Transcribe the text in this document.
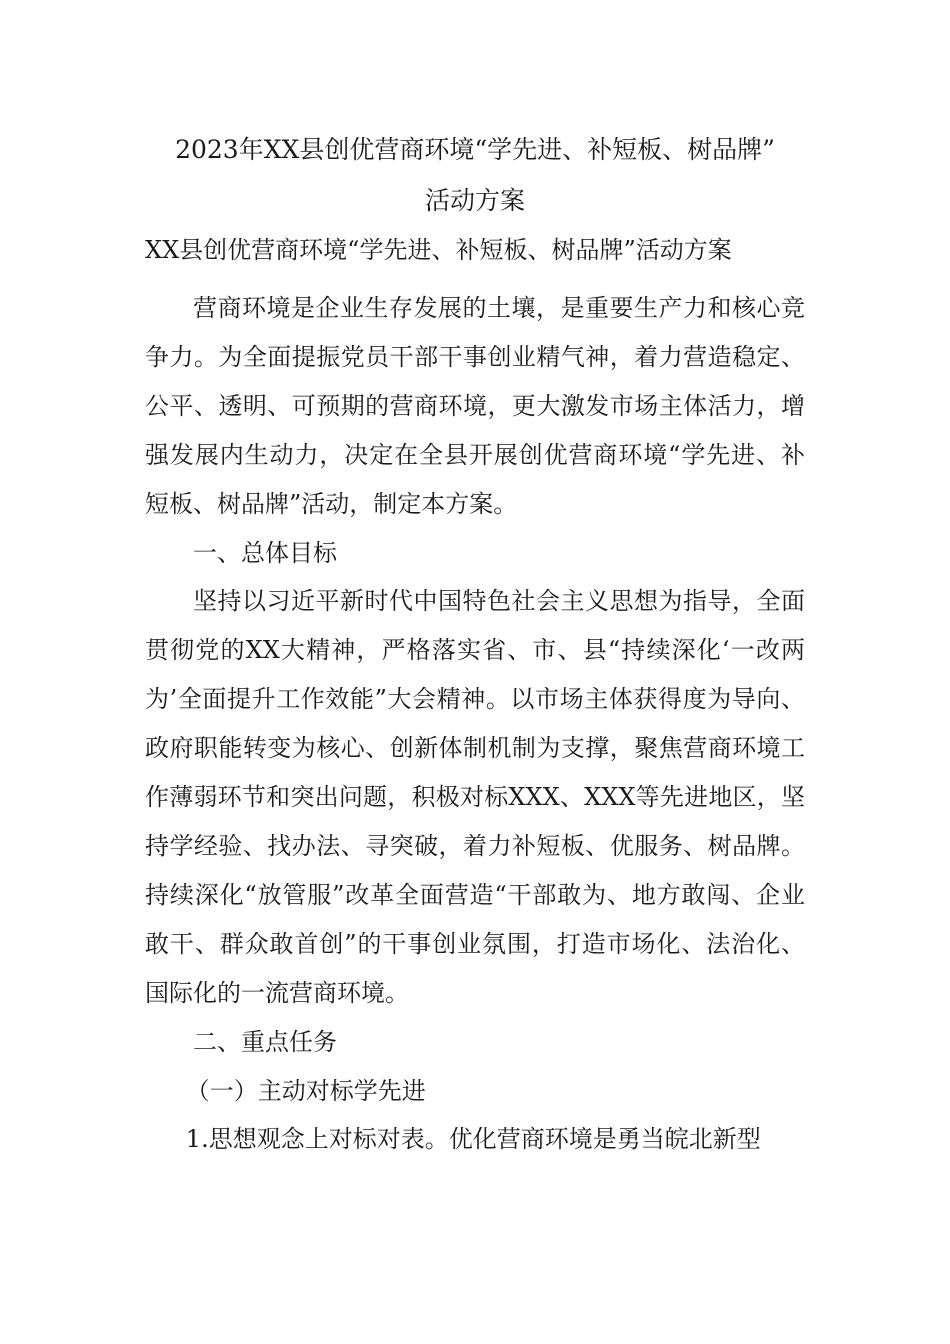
2023年XX县创优营商环境“学先进、补短板、树品牌”
活动方案
XX县创优营商环境“学先进、补短板、树品牌”活动方案

营商环境是企业生存发展的土壤，是重要生产力和核心竞争力。为全面提振党员干部干事创业精气神，着力营造稳定、公平、透明、可预期的营商环境，更大激发市场主体活力，增强发展内生动力，决定在全县开展创优营商环境“学先进、补短板、树品牌”活动，制定本方案。

一、总体目标

坚持以习近平新时代中国特色社会主义思想为指导，全面贯彻党的XX大精神，严格落实省、市、县“持续深化‘一改两为’全面提升工作效能”大会精神。以市场主体获得度为导向、政府职能转变为核心、创新体制机制为支撑，聚焦营商环境工作薄弱环节和突出问题，积极对标XXX、XXX等先进地区，坚持学经验、找办法、寻突破，着力补短板、优服务、树品牌。持续深化“放管服”改革全面营造“干部敢为、地方敢闯、企业敢干、群众敢首创”的干事创业氛围，打造市场化、法治化、国际化的一流营商环境。

二、重点任务

（一）主动对标学先进

1.思想观念上对标对表。优化营商环境是勇当皖北新型
